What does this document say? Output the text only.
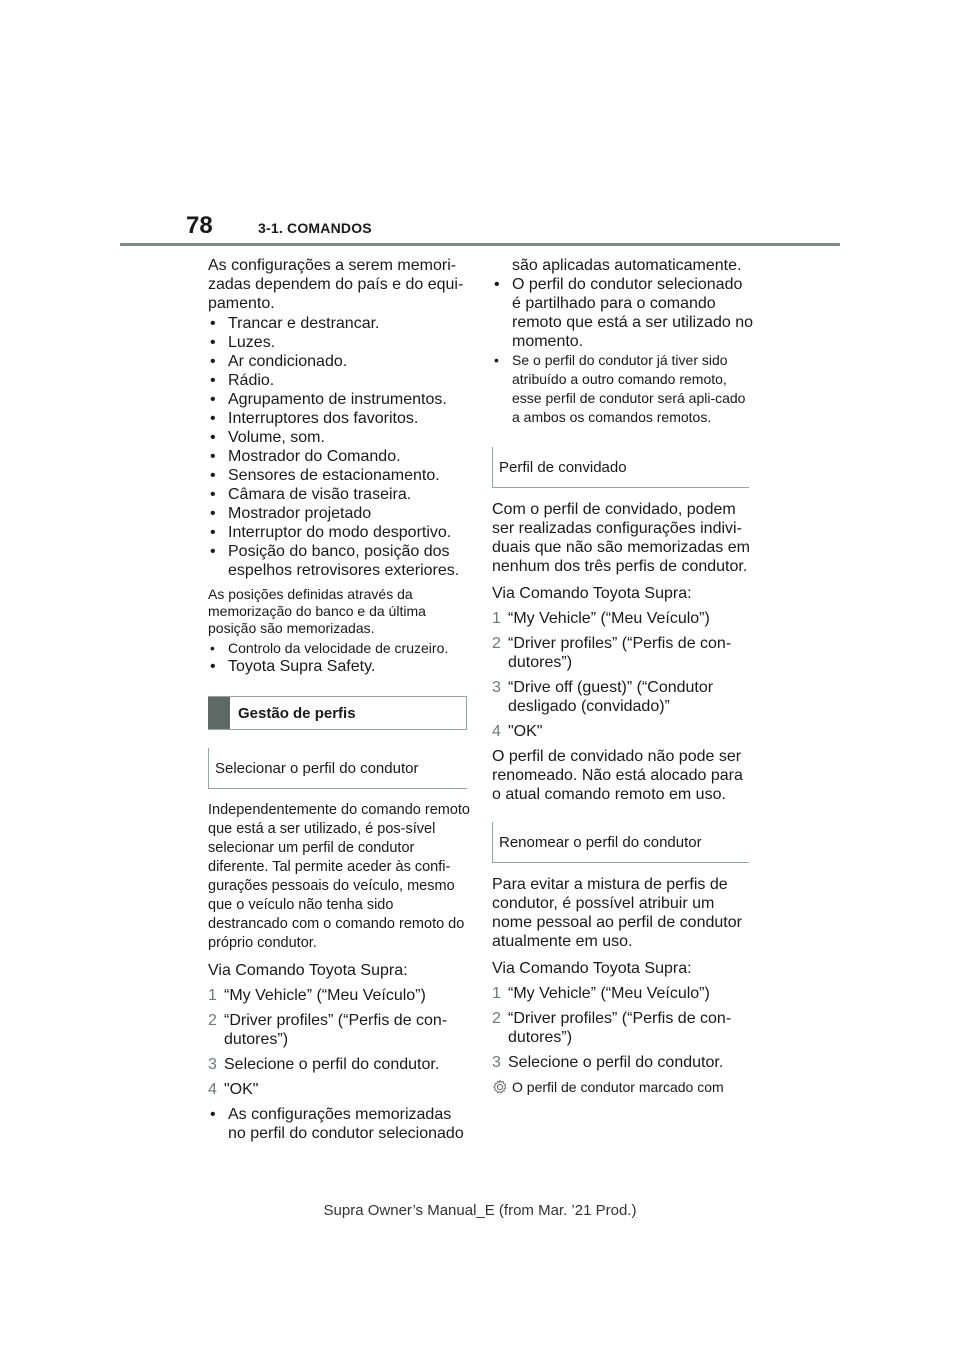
78	3-1. COMANDOS

As configurações a serem memori-zadas dependem do país e do equi-pamento.

• Trancar e destrancar.
• Luzes.
• Ar condicionado.
• Rádio.
• Agrupamento de instrumentos.
• Interruptores dos favoritos.
• Volume, som.
• Mostrador do Comando.
• Sensores de estacionamento.
• Câmara de visão traseira.
• Mostrador projetado
• Interruptor do modo desportivo.
• Posição do banco, posição dos espelhos retrovisores exteriores.

As posições definidas através da memorização do banco e da última posição são memorizadas.

• Controlo da velocidade de cruzeiro.
• Toyota Supra Safety.
Gestão de perfis
Selecionar o perfil do condutor

Independentemente do comando remoto que está a ser utilizado, é pos-sível selecionar um perfil de condutor diferente. Tal permite aceder às confi-gurações pessoais do veículo, mesmo que o veículo não tenha sido destrancado com o comando remoto do próprio condutor.

Via Comando Toyota Supra:

1 “My Vehicle” (“Meu Veículo”)
2 “Driver profiles” (“Perfis de con-dutores”)
3 Selecione o perfil do condutor.
4 "OK"
• As configurações memorizadas no perfil do condutor selecionado

são aplicadas automaticamente.

• O perfil do condutor selecionado é partilhado para o comando remoto que está a ser utilizado no momento.
• Se o perfil do condutor já tiver sido atribuído a outro comando remoto, esse perfil de condutor será apli-cado a ambos os comandos remotos.
Perfil de convidado

Com o perfil de convidado, podem ser realizadas configurações indivi-duais que não são memorizadas em nenhum dos três perfis de condutor.

Via Comando Toyota Supra:

1 “My Vehicle” (“Meu Veículo”)
2 “Driver profiles” (“Perfis de con-dutores”)
3 “Drive off (guest)” (“Condutor desligado (convidado)”
4 "OK"

O perfil de convidado não pode ser renomeado. Não está alocado para o atual comando remoto em uso.

Renomear o perfil do condutor

Para evitar a mistura de perfis de condutor, é possível atribuir um nome pessoal ao perfil de condutor atualmente em uso.

Via Comando Toyota Supra:

1 “My Vehicle” (“Meu Veículo”)
2 “Driver profiles” (“Perfis de con-dutores”)
3 Selecione o perfil do condutor.

O perfil de condutor marcado com

Supra Owner’s Manual_E (from Mar. ’21 Prod.)
